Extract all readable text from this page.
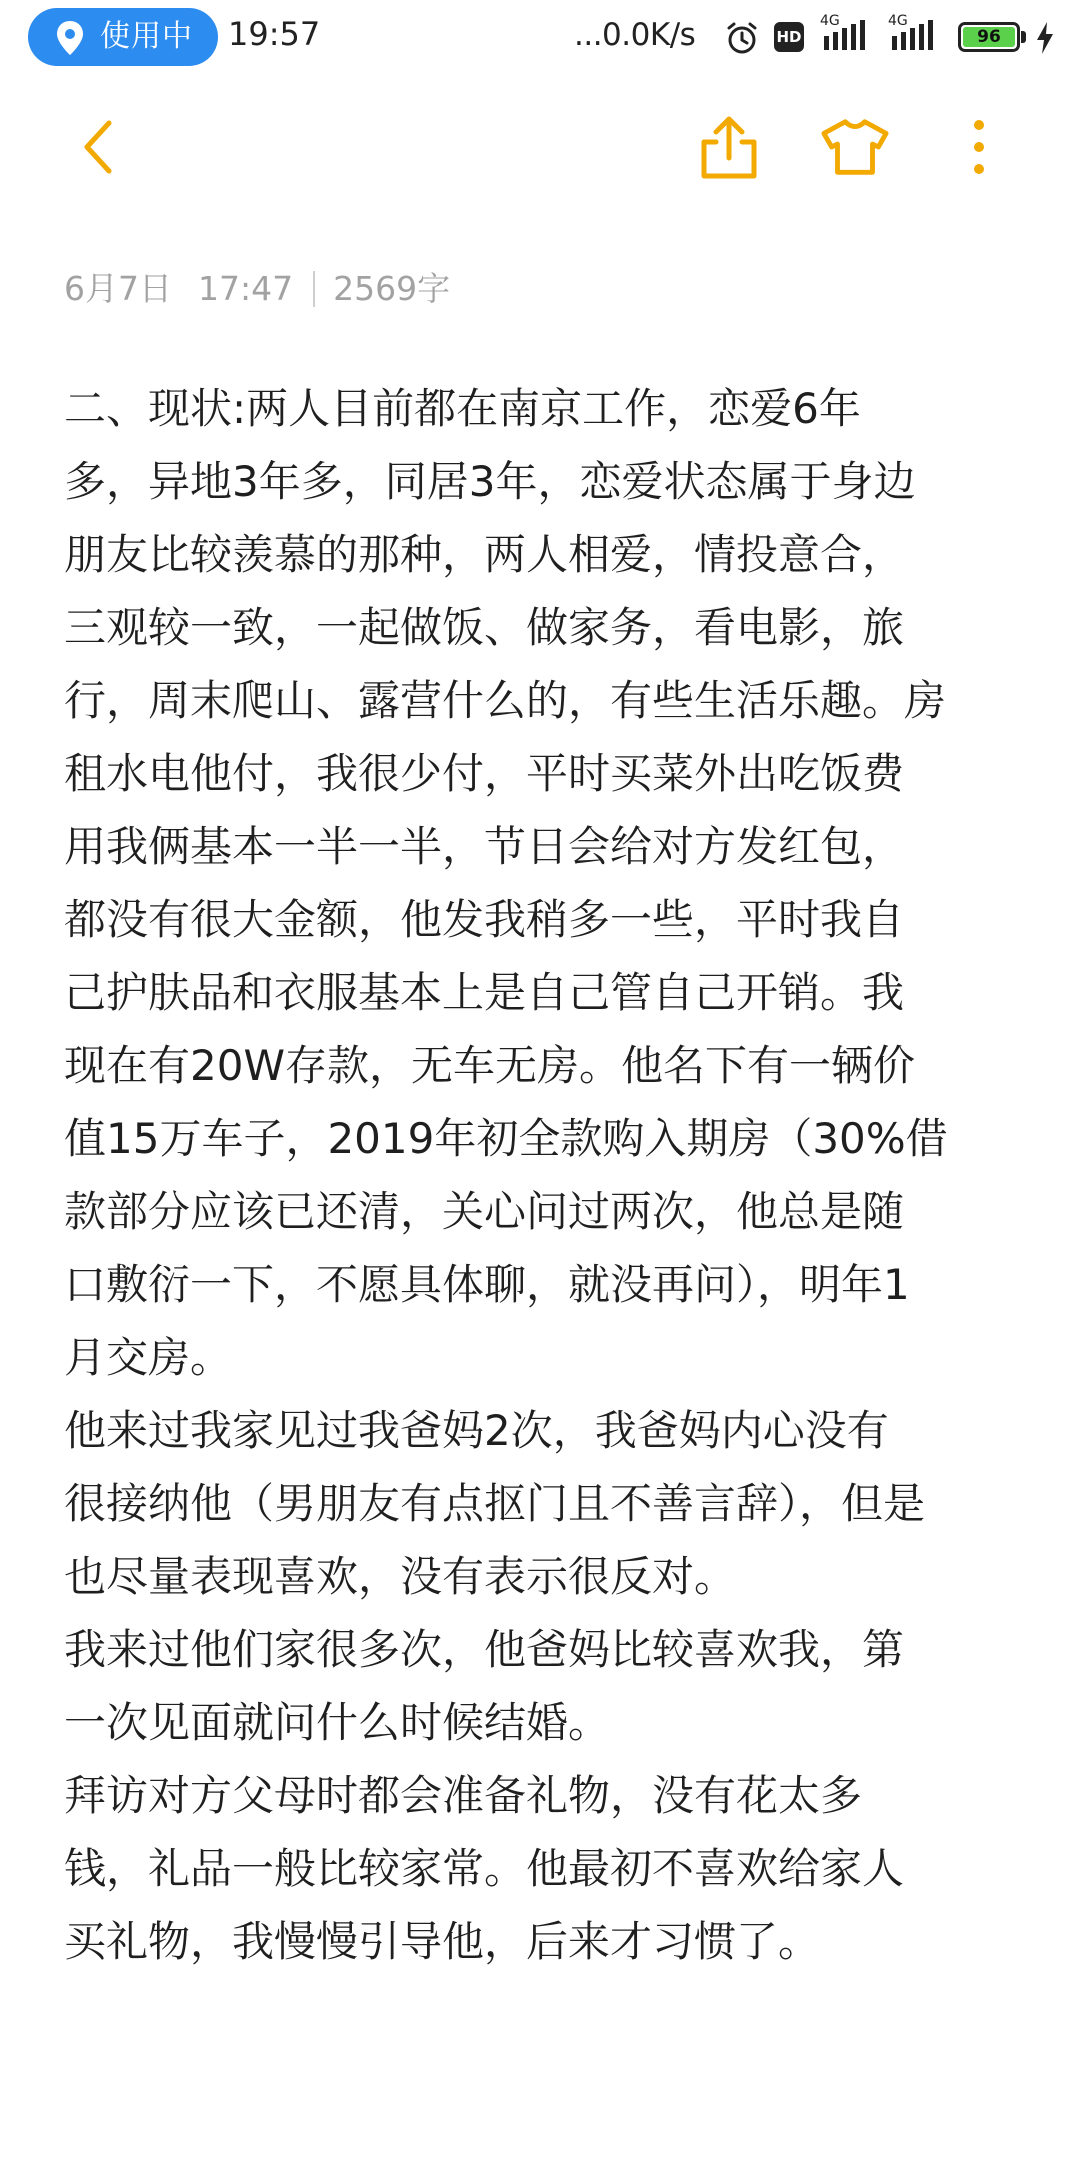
使用中 19:57	...0.0K/s	HD
4G	4G
96
6月7日 17:47 2569字
二、现状:两人目前都在南京工作，恋爱6年
多，异地3年多，同居3年，恋爱状态属于身边
朋友比较羡慕的那种，两人相爱，情投意合，
三观较一致，一起做饭、做家务，看电影，旅
行，周末爬山、露营什么的，有些生活乐趣。房
租水电他付，我很少付，平时买菜外出吃饭费
用我俩基本一半一半，节日会给对方发红包，
都没有很大金额，他发我稍多一些，平时我自
己护肤品和衣服基本上是自己管自己开销。我
现在有20W存款，无车无房。他名下有一辆价
值15万车子，2019年初全款购入期房（30%借
款部分应该已还清，关心问过两次，他总是随
口敷衍一下，不愿具体聊，就没再问），明年1
月交房。
他来过我家见过我爸妈2次，我爸妈内心没有
很接纳他（男朋友有点抠门且不善言辞），但是
也尽量表现喜欢，没有表示很反对。
我来过他们家很多次，他爸妈比较喜欢我，第
一次见面就问什么时候结婚。
拜访对方父母时都会准备礼物，没有花太多
钱，礼品一般比较家常。他最初不喜欢给家人
买礼物，我慢慢引导他，后来才习惯了。
